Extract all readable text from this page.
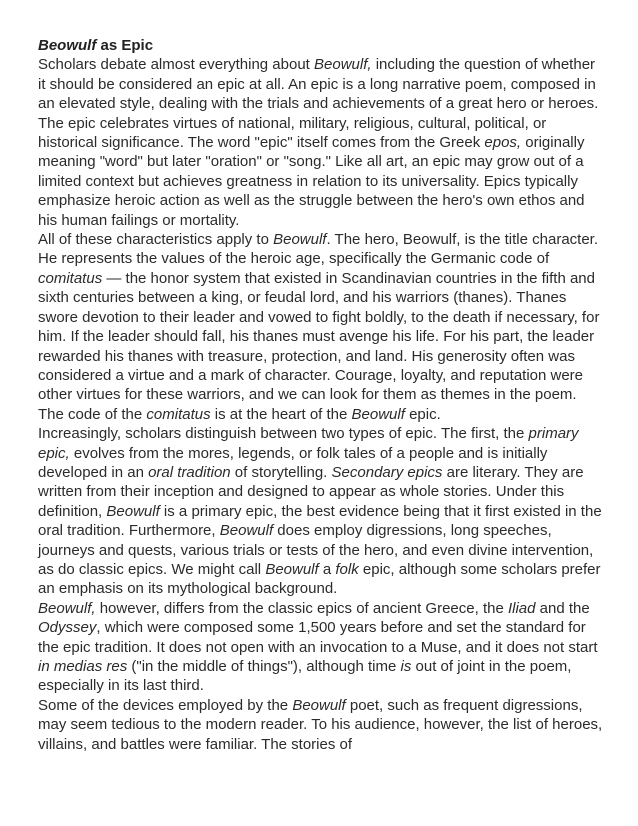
Beowulf as Epic

Scholars debate almost everything about Beowulf, including the question of whether it should be considered an epic at all. An epic is a long narrative poem, composed in an elevated style, dealing with the trials and achievements of a great hero or heroes. The epic celebrates virtues of national, military, religious, cultural, political, or historical significance. The word "epic" itself comes from the Greek epos, originally meaning "word" but later "oration" or "song." Like all art, an epic may grow out of a limited context but achieves greatness in relation to its universality. Epics typically emphasize heroic action as well as the struggle between the hero's own ethos and his human failings or mortality.

All of these characteristics apply to Beowulf. The hero, Beowulf, is the title character. He represents the values of the heroic age, specifically the Germanic code of comitatus — the honor system that existed in Scandinavian countries in the fifth and sixth centuries between a king, or feudal lord, and his warriors (thanes). Thanes swore devotion to their leader and vowed to fight boldly, to the death if necessary, for him. If the leader should fall, his thanes must avenge his life. For his part, the leader rewarded his thanes with treasure, protection, and land. His generosity often was considered a virtue and a mark of character. Courage, loyalty, and reputation were other virtues for these warriors, and we can look for them as themes in the poem. The code of the comitatus is at the heart of the Beowulf epic.

Increasingly, scholars distinguish between two types of epic. The first, the primary epic, evolves from the mores, legends, or folk tales of a people and is initially developed in an oral tradition of storytelling. Secondary epics are literary. They are written from their inception and designed to appear as whole stories. Under this definition, Beowulf is a primary epic, the best evidence being that it first existed in the oral tradition. Furthermore, Beowulf does employ digressions, long speeches, journeys and quests, various trials or tests of the hero, and even divine intervention, as do classic epics. We might call Beowulf a folk epic, although some scholars prefer an emphasis on its mythological background.

Beowulf, however, differs from the classic epics of ancient Greece, the Iliad and the Odyssey, which were composed some 1,500 years before and set the standard for the epic tradition. It does not open with an invocation to a Muse, and it does not start in medias res ("in the middle of things"), although time is out of joint in the poem, especially in its last third.

Some of the devices employed by the Beowulf poet, such as frequent digressions, may seem tedious to the modern reader. To his audience, however, the list of heroes, villains, and battles were familiar. The stories of
